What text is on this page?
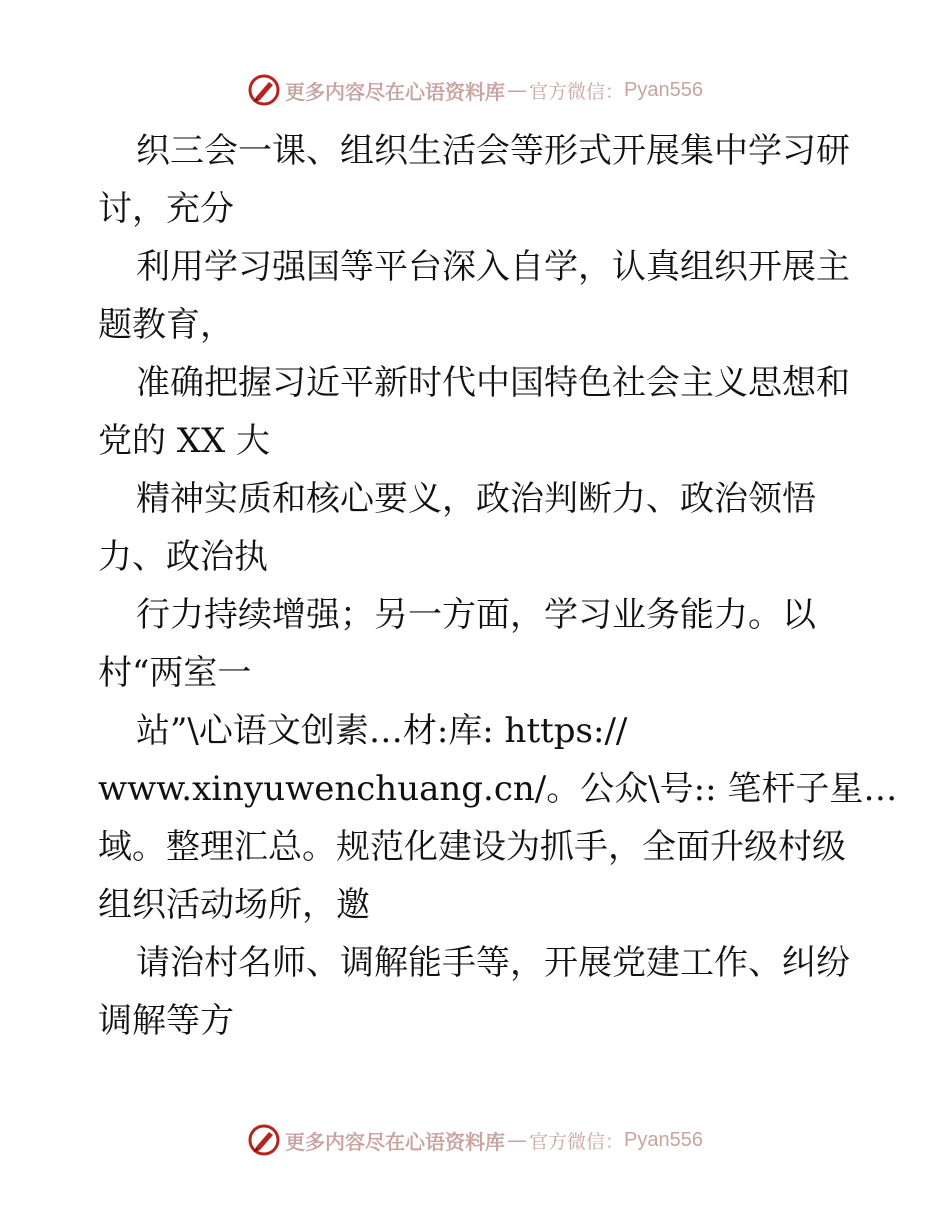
更多内容尽在心语资料库 — 官方微信： Pyan556
织三会一课、组织生活会等形式开展集中学习研
讨，充分
利用学习强国等平台深入自学，认真组织开展主
题教育，
准确把握习近平新时代中国特色社会主义思想和
党的 XX 大
精神实质和核心要义，政治判断力、政治领悟
力、政治执
行力持续增强；另一方面，学习业务能力。以
村“两室一
站”\心语文创素…材:库: https://
www.xinyuwenchuang.cn/。公众\号:: 笔杆子星…
域。整理汇总。规范化建设为抓手，全面升级村级
组织活动场所，邀
请治村名师、调解能手等，开展党建工作、纠纷
调解等方
更多内容尽在心语资料库 — 官方微信： Pyan556
